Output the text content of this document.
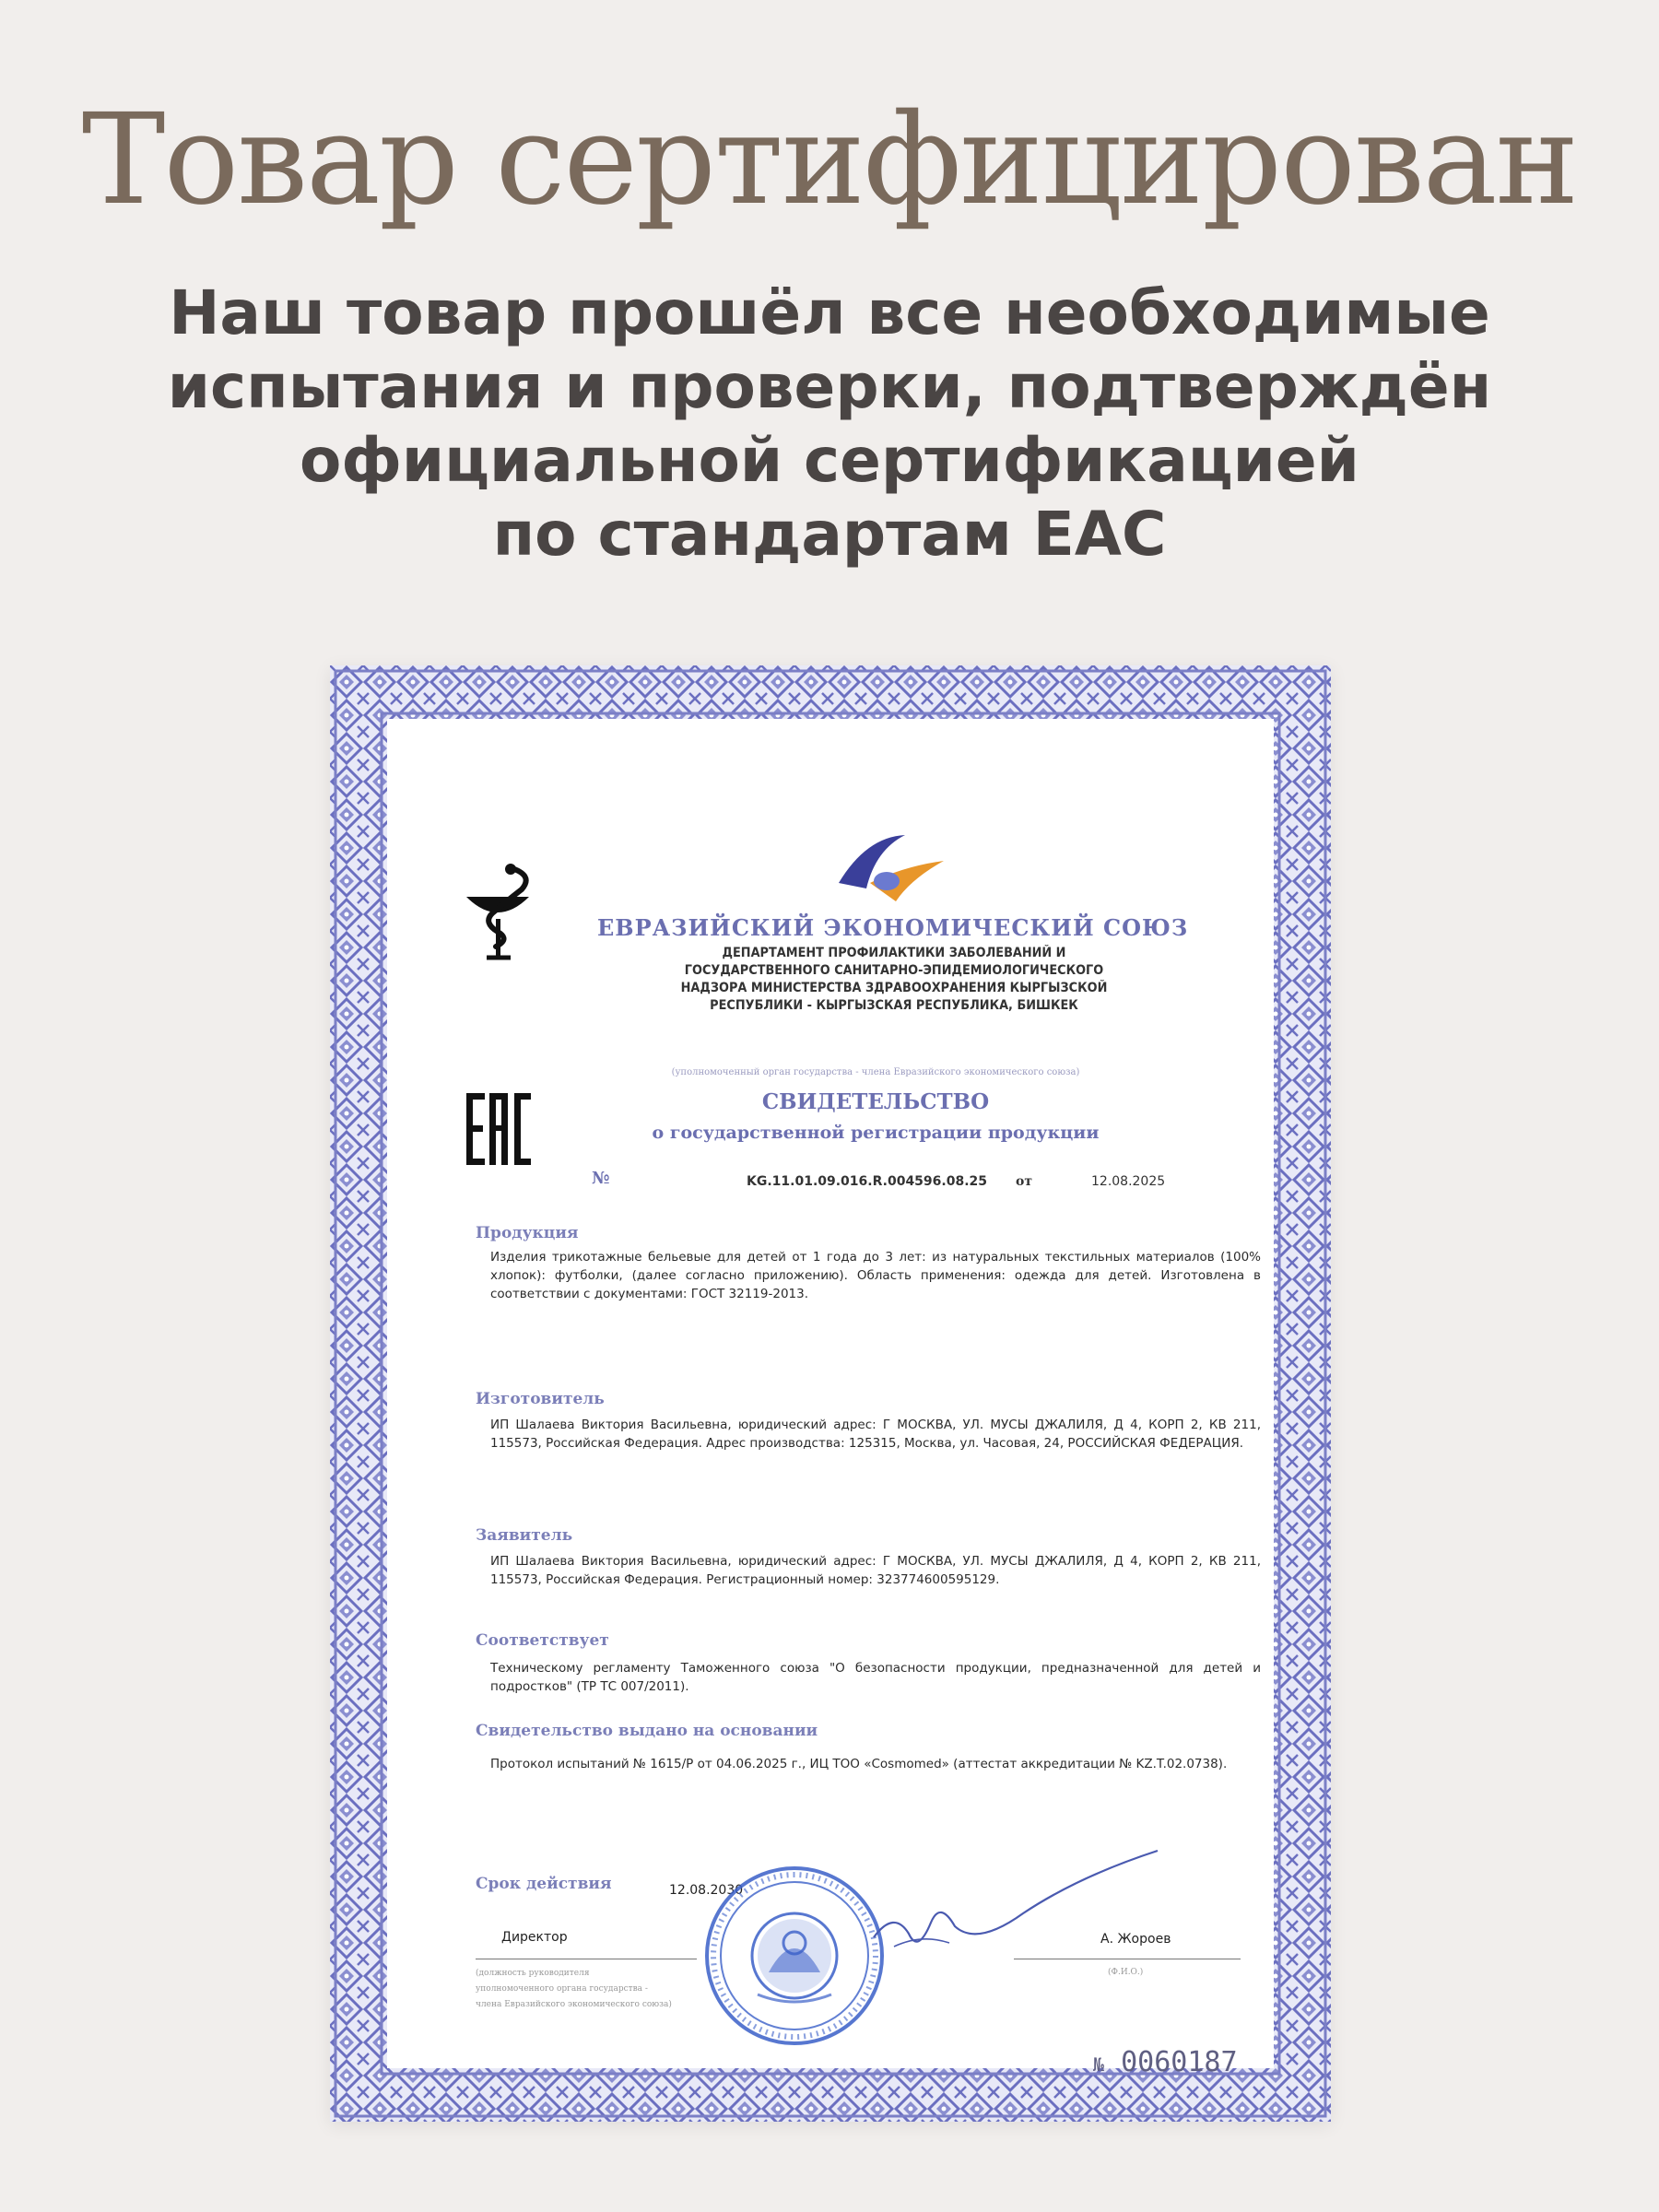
Товар сертифицирован
Наш товар прошёл все необходимые
испытания и проверки, подтверждён
официальной сертификацией
по стандартам ЕАС
ЕВРАЗИЙСКИЙ ЭКОНОМИЧЕСКИЙ СОЮЗ
ДЕПАРТАМЕНТ ПРОФИЛАКТИКИ ЗАБОЛЕВАНИЙ И
ГОСУДАРСТВЕННОГО САНИТАРНО-ЭПИДЕМИОЛОГИЧЕСКОГО
НАДЗОРА МИНИСТЕРСТВА ЗДРАВООХРАНЕНИЯ КЫРГЫЗСКОЙ
РЕСПУБЛИКИ - КЫРГЫЗСКАЯ РЕСПУБЛИКА, БИШКЕК
(уполномоченный орган государства - члена Евразийского экономического союза)
СВИДЕТЕЛЬСТВО
о государственной регистрации продукции
№	KG.11.01.09.016.R.004596.08.25 от	12.08.2025
Продукция
Изделия трикотажные бельевые для детей от 1 года до 3 лет: из натуральных текстильных материалов (100% хлопок): футболки, (далее согласно приложению). Область применения: одежда для детей. Изготовлена в соответствии с документами: ГОСТ 32119-2013.
Изготовитель
ИП Шалаева Виктория Васильевна, юридический адрес: Г МОСКВА, УЛ. МУСЫ ДЖАЛИЛЯ, Д 4, КОРП 2, КВ 211, 115573, Российская Федерация. Адрес производства: 125315, Москва, ул. Часовая, 24, РОССИЙСКАЯ ФЕДЕРАЦИЯ.
Заявитель
ИП Шалаева Виктория Васильевна, юридический адрес: Г МОСКВА, УЛ. МУСЫ ДЖАЛИЛЯ, Д 4, КОРП 2, КВ 211, 115573, Российская Федерация. Регистрационный номер: 323774600595129.
Соответствует
Техническому регламенту Таможенного союза "О безопасности продукции, предназначенной для детей и подростков" (ТР ТС 007/2011).
Свидетельство выдано на основании
Протокол испытаний № 1615/Р от 04.06.2025 г., ИЦ ТОО «Cosmomed» (аттестат аккредитации № KZ.T.02.0738).
Срок действия	12.08.2030
Директор
(должность руководителя
уполномоченного органа государства -
члена Евразийского экономического союза)
А. Жороев
(Ф.И.О.)
№ 0060187
